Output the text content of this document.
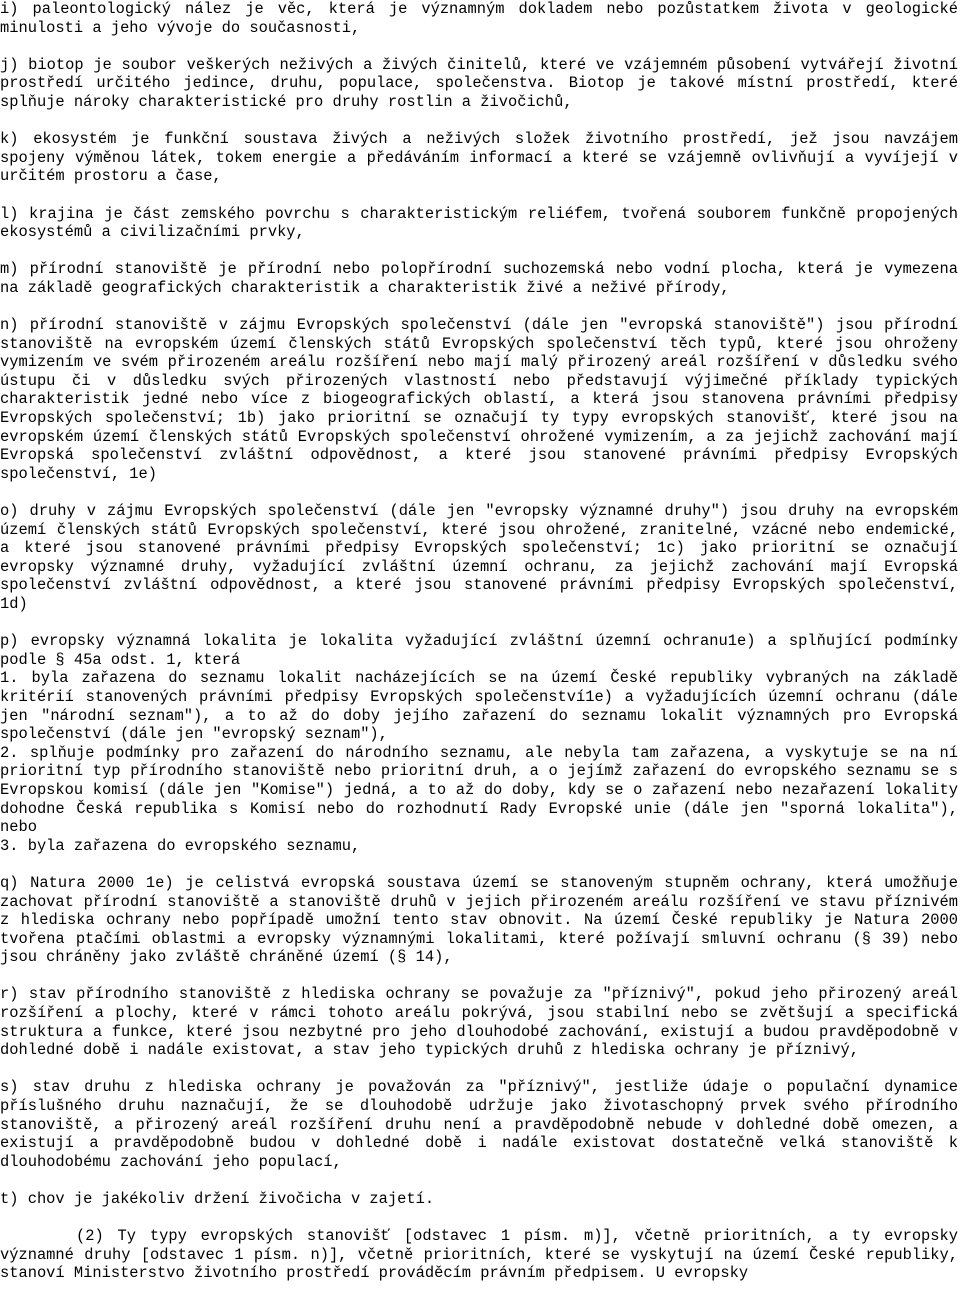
i) paleontologický nález je věc, která je významným dokladem nebo pozůstatkem života v geologické minulosti a jeho vývoje do současnosti,

j) biotop je soubor veškerých neživých a živých činitelů, které ve vzájemném působení vytvářejí životní prostředí určitého jedince, druhu, populace, společenstva. Biotop je takové místní prostředí, které splňuje nároky charakteristické pro druhy rostlin a živočichů,

k) ekosystém je funkční soustava živých a neživých složek životního prostředí, jež jsou navzájem spojeny výměnou látek, tokem energie a předáváním informací a které se vzájemně ovlivňují a vyvíjejí v určitém prostoru a čase,

l) krajina je část zemského povrchu s charakteristickým reliéfem, tvořená souborem funkčně propojených ekosystémů a civilizačními prvky,

m) přírodní stanoviště je přírodní nebo polopřírodní suchozemská nebo vodní plocha, která je vymezena na základě geografických charakteristik a charakteristik živé a neživé přírody,

n) přírodní stanoviště v zájmu Evropských společenství (dále jen "evropská stanoviště") jsou přírodní stanoviště na evropském území členských států Evropských společenství těch typů, které jsou ohroženy vymizením ve svém přirozeném areálu rozšíření nebo mají malý přirozený areál rozšíření v důsledku svého ústupu či v důsledku svých přirozených vlastností nebo představují výjimečné příklady typických charakteristik jedné nebo více z biogeografických oblastí, a která jsou stanovena právními předpisy Evropských společenství; 1b) jako prioritní se označují ty typy evropských stanovišť, které jsou na evropském území členských států Evropských společenství ohrožené vymizením, a za jejichž zachování mají Evropská společenství zvláštní odpovědnost, a které jsou stanovené právními předpisy Evropských společenství, 1e)

o) druhy v zájmu Evropských společenství (dále jen "evropsky významné druhy") jsou druhy na evropském území členských států Evropských společenství, které jsou ohrožené, zranitelné, vzácné nebo endemické, a které jsou stanovené právními předpisy Evropských společenství; 1c) jako prioritní se označují evropsky významné druhy, vyžadující zvláštní územní ochranu, za jejichž zachování mají Evropská společenství zvláštní odpovědnost, a které jsou stanovené právními předpisy Evropských společenství, 1d)

p) evropsky významná lokalita je lokalita vyžadující zvláštní územní ochranu1e) a splňující podmínky podle § 45a odst. 1, která

1. byla zařazena do seznamu lokalit nacházejících se na území České republiky vybraných na základě kritérií stanovených právními předpisy Evropských společenství1e) a vyžadujících územní ochranu (dále jen "národní seznam"), a to až do doby jejího zařazení do seznamu lokalit významných pro Evropská společenství (dále jen "evropský seznam"),

2. splňuje podmínky pro zařazení do národního seznamu, ale nebyla tam zařazena, a vyskytuje se na ní prioritní typ přírodního stanoviště nebo prioritní druh, a o jejímž zařazení do evropského seznamu se s Evropskou komisí (dále jen "Komise") jedná, a to až do doby, kdy se o zařazení nebo nezařazení lokality dohodne Česká republika s Komisí nebo do rozhodnutí Rady Evropské unie (dále jen "sporná lokalita"), nebo

3. byla zařazena do evropského seznamu,

q) Natura 2000 1e) je celistvá evropská soustava území se stanoveným stupněm ochrany, která umožňuje zachovat přírodní stanoviště a stanoviště druhů v jejich přirozeném areálu rozšíření ve stavu příznivém z hlediska ochrany nebo popřípadě umožní tento stav obnovit. Na území České republiky je Natura 2000 tvořena ptačími oblastmi a evropsky významnými lokalitami, které požívají smluvní ochranu (§ 39) nebo jsou chráněny jako zvláště chráněné území (§ 14),

r) stav přírodního stanoviště z hlediska ochrany se považuje za "příznivý", pokud jeho přirozený areál rozšíření a plochy, které v rámci tohoto areálu pokrývá, jsou stabilní nebo se zvětšují a specifická struktura a funkce, které jsou nezbytné pro jeho dlouhodobé zachování, existují a budou pravděpodobně v dohledné době i nadále existovat, a stav jeho typických druhů z hlediska ochrany je příznivý,

s) stav druhu z hlediska ochrany je považován za "příznivý", jestliže údaje o populační dynamice příslušného druhu naznačují, že se dlouhodobě udržuje jako životaschopný prvek svého přírodního stanoviště, a přirozený areál rozšíření druhu není a pravděpodobně nebude v dohledné době omezen, a existují a pravděpodobně budou v dohledné době i nadále existovat dostatečně velká stanoviště k dlouhodobému zachování jeho populací,

t) chov je jakékoliv držení živočicha v zajetí.

(2) Ty typy evropských stanovišť [odstavec 1 písm. m)], včetně prioritních, a ty evropsky významné druhy [odstavec 1 písm. n)], včetně prioritních, které se vyskytují na území České republiky, stanoví Ministerstvo životního prostředí prováděcím právním předpisem. U evropsky
